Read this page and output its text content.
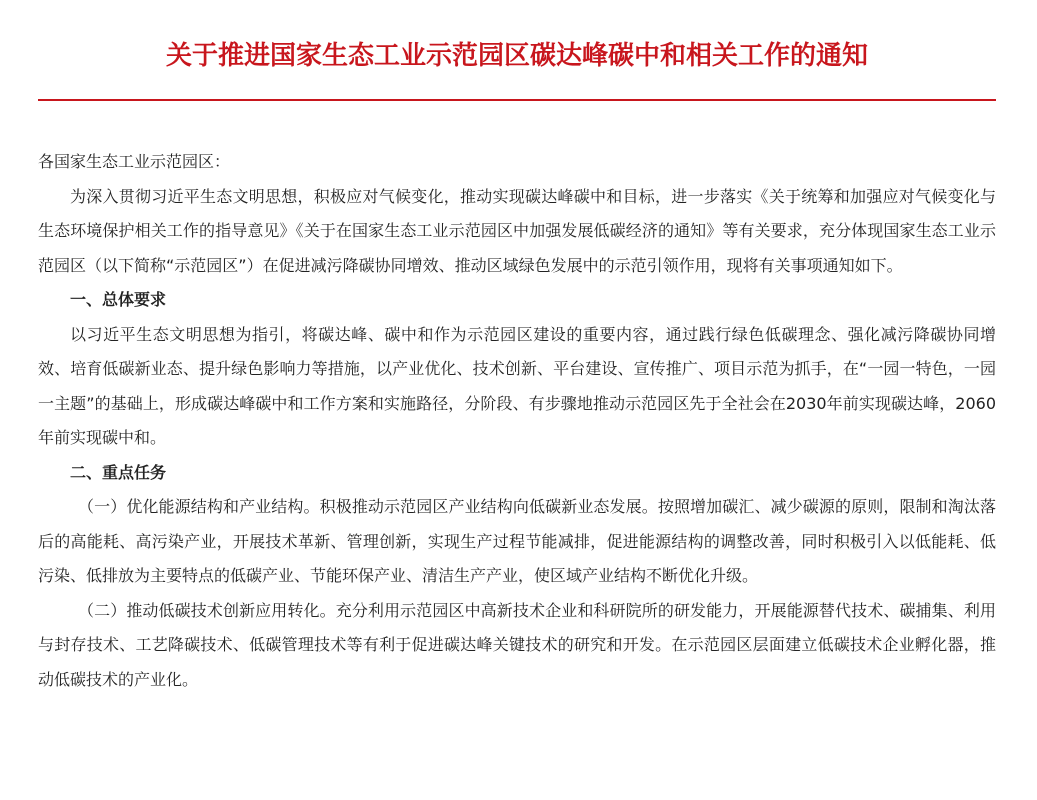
关于推进国家生态工业示范园区碳达峰碳中和相关工作的通知

各国家生态工业示范园区：

为深入贯彻习近平生态文明思想，积极应对气候变化，推动实现碳达峰碳中和目标，进一步落实《关于统筹和加强应对气候变化与生态环境保护相关工作的指导意见》《关于在国家生态工业示范园区中加强发展低碳经济的通知》等有关要求，充分体现国家生态工业示范园区（以下简称“示范园区”）在促进减污降碳协同增效、推动区域绿色发展中的示范引领作用，现将有关事项通知如下。

一、总体要求

以习近平生态文明思想为指引，将碳达峰、碳中和作为示范园区建设的重要内容，通过践行绿色低碳理念、强化减污降碳协同增效、培育低碳新业态、提升绿色影响力等措施，以产业优化、技术创新、平台建设、宣传推广、项目示范为抓手，在“一园一特色，一园一主题”的基础上，形成碳达峰碳中和工作方案和实施路径，分阶段、有步骤地推动示范园区先于全社会在2030年前实现碳达峰，2060年前实现碳中和。

二、重点任务

（一）优化能源结构和产业结构。积极推动示范园区产业结构向低碳新业态发展。按照增加碳汇、减少碳源的原则，限制和淘汰落后的高能耗、高污染产业，开展技术革新、管理创新，实现生产过程节能减排，促进能源结构的调整改善，同时积极引入以低能耗、低污染、低排放为主要特点的低碳产业、节能环保产业、清洁生产产业，使区域产业结构不断优化升级。

（二）推动低碳技术创新应用转化。充分利用示范园区中高新技术企业和科研院所的研发能力，开展能源替代技术、碳捕集、利用与封存技术、工艺降碳技术、低碳管理技术等有利于促进碳达峰关键技术的研究和开发。在示范园区层面建立低碳技术企业孵化器，推动低碳技术的产业化。
